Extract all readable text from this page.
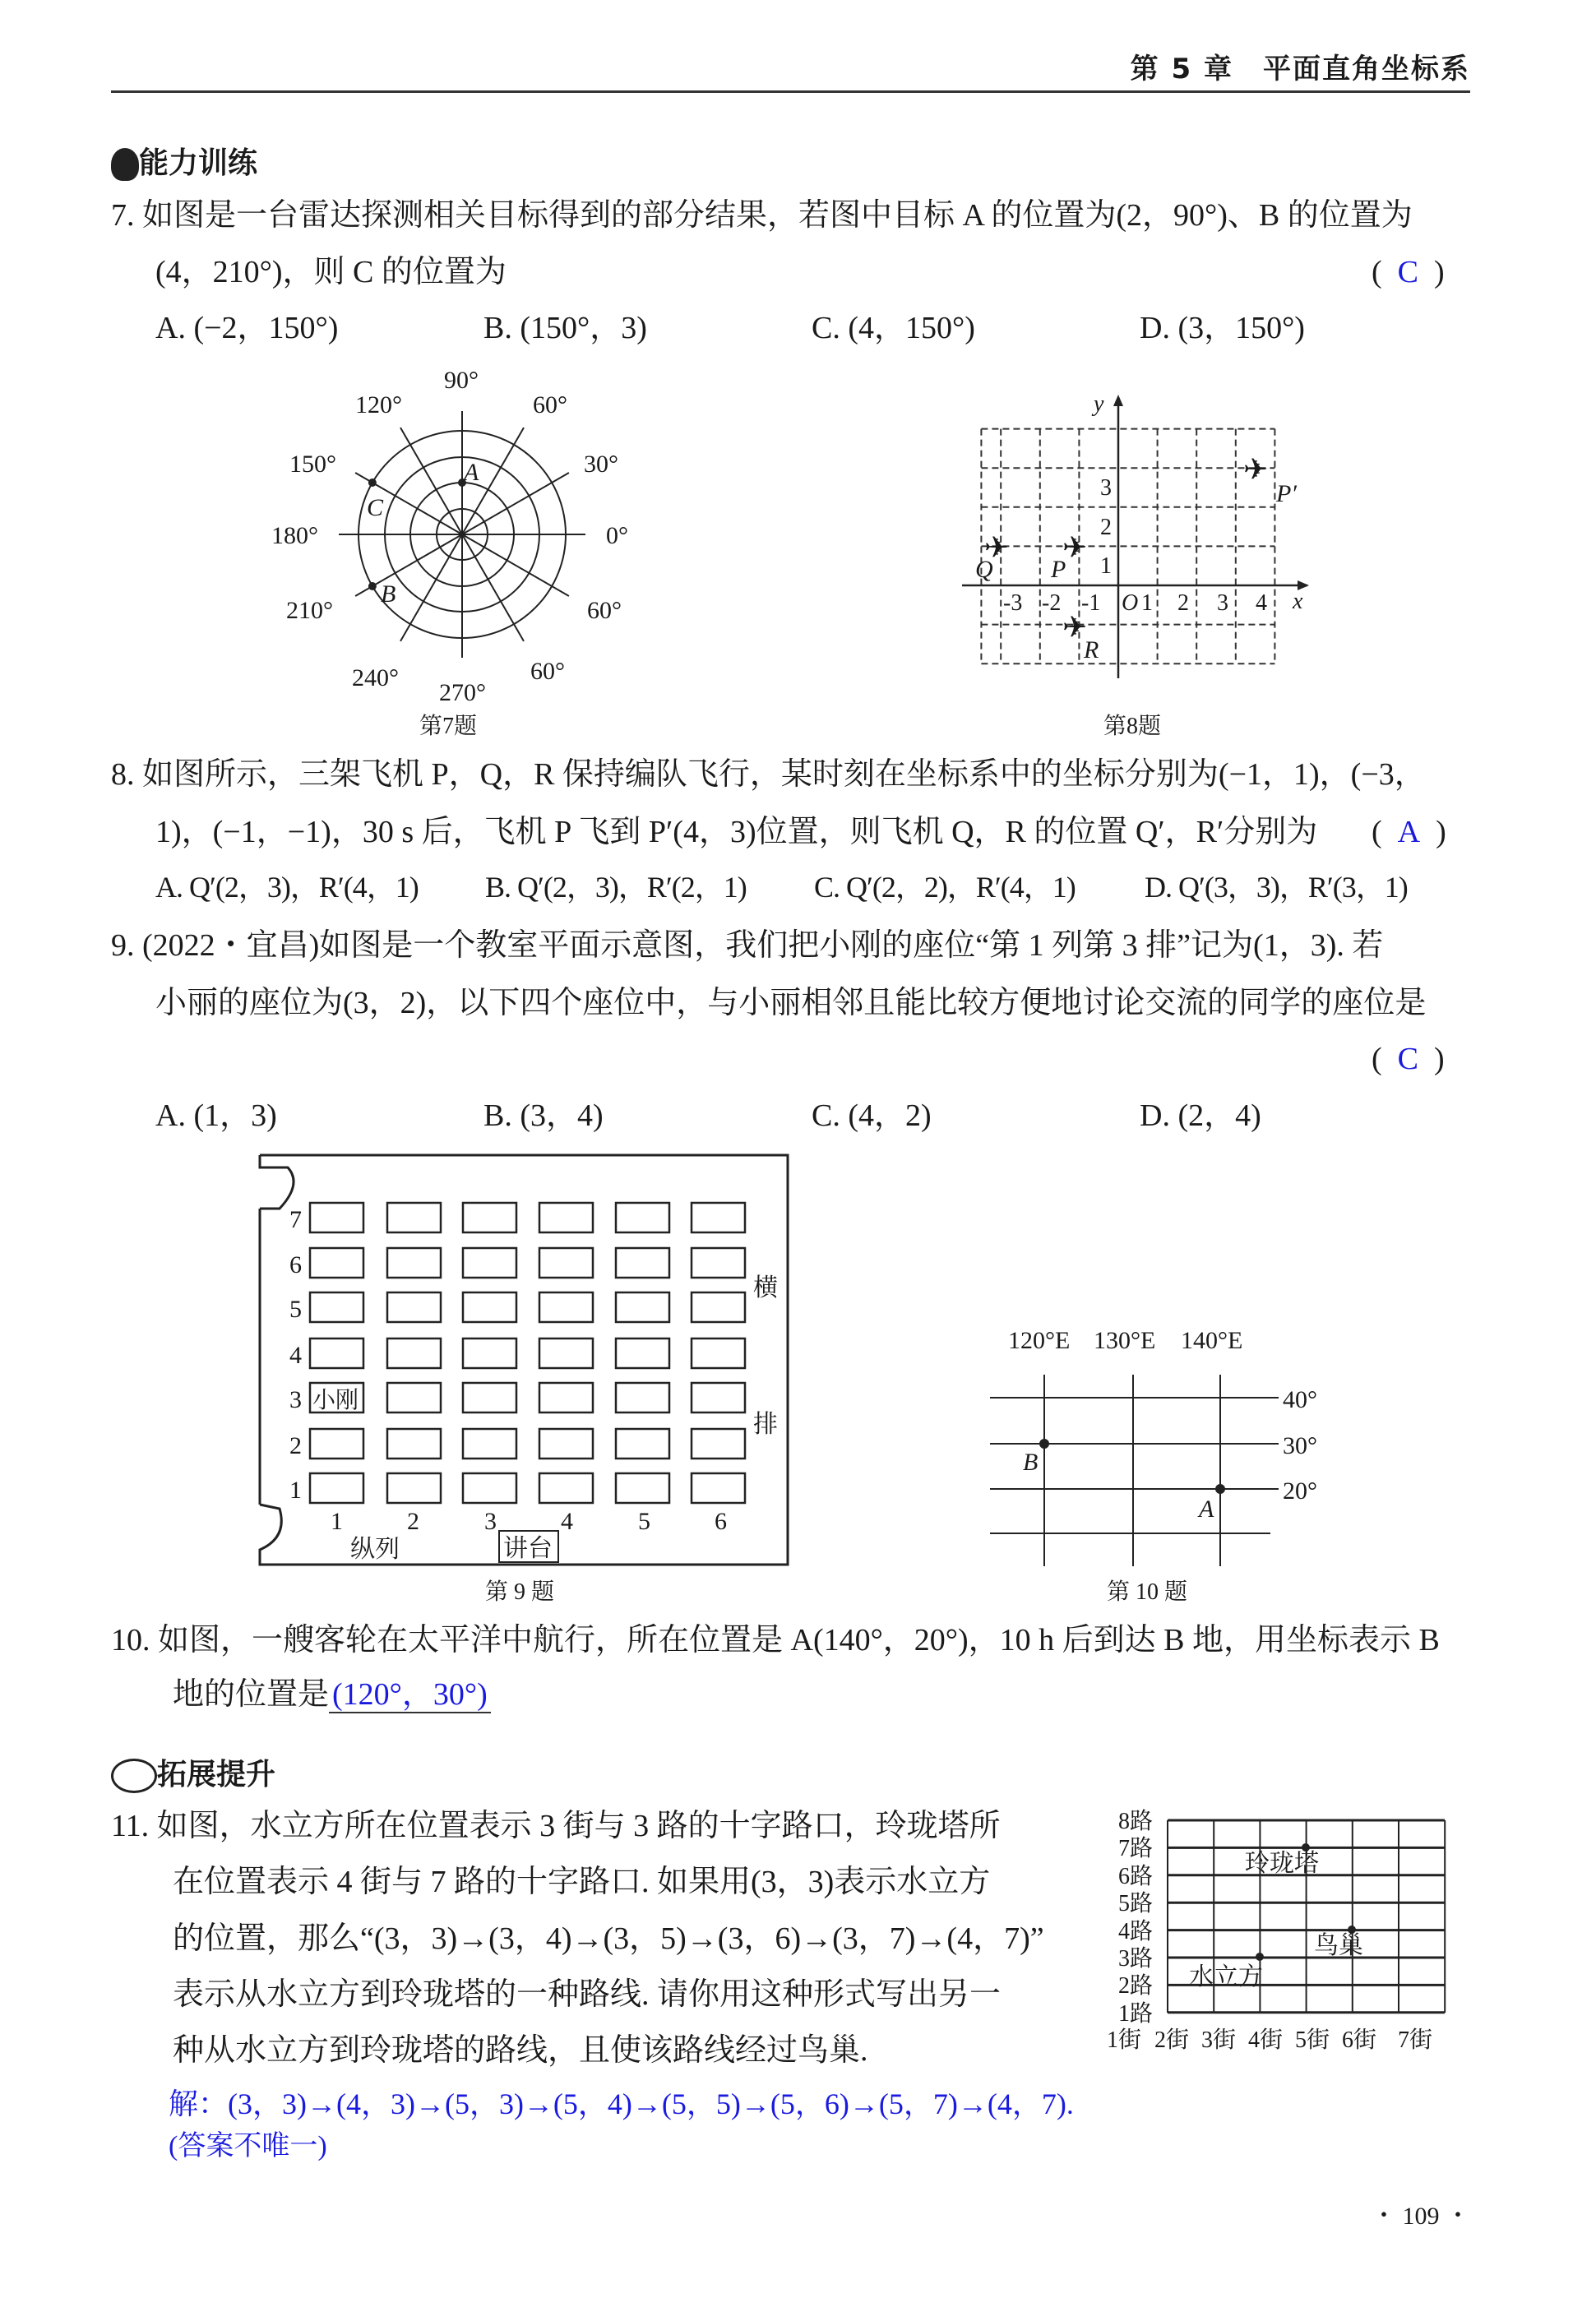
第 5 章　平面直角坐标系
能力训练
7. 如图是一台雷达探测相关目标得到的部分结果，若图中目标 A 的位置为(2，90°)、B 的位置为
(4，210°)，则 C 的位置为	( C )
A. (−2，150°)	B. (150°，3)	C. (4，150°)	D. (3，150°)
8. 如图所示，三架飞机 P，Q，R 保持编队飞行，某时刻在坐标系中的坐标分别为(−1，1)，(−3，
1)，(−1，−1)，30 s 后，飞机 P 飞到 P′(4，3)位置，则飞机 Q，R 的位置 Q′，R′分别为 ( A )
A. Q′(2，3)，R′(4，1) B. Q′(2，3)，R′(2，1) C. Q′(2，2)，R′(4，1) D. Q′(3，3)，R′(3，1)
9. (2022・宜昌)如图是一个教室平面示意图，我们把小刚的座位“第 1 列第 3 排”记为(1，3). 若
小丽的座位为(3，2)，以下四个座位中，与小丽相邻且能比较方便地讨论交流的同学的座位是
( C )
A. (1，3)	B. (3，4)	C. (4，2)	D. (2，4)
10. 如图，一艘客轮在太平洋中航行，所在位置是 A(140°，20°)，10 h 后到达 B 地，用坐标表示 B
地的位置是 (120°，30°)
拓展提升
11. 如图，水立方所在位置表示 3 街与 3 路的十字路口，玲珑塔所
在位置表示 4 街与 7 路的十字路口. 如果用(3，3)表示水立方
的位置，那么“(3，3)→(3，4)→(3，5)→(3，6)→(3，7)→(4，7)”
表示从水立方到玲珑塔的一种路线. 请你用这种形式写出另一
种从水立方到玲珑塔的路线，且使该路线经过鸟巢.
解：(3，3)→(4，3)→(5，3)→(5，4)→(5，5)→(5，6)→(5，7)→(4，7).
(答案不唯一)
・ 109 ・
90°
60°
30°
0°
60°
60°
270°
240°
210°
180°
150°
120°
A
C
B
第7题
-3 -2 -1 O 1 2 3 4
1
2
3
x
y
✈
✈
✈
✈
P
Q
R
P′
第8题
7
6
5
4
3
2
1
1	2	3	4	5	6
小刚
纵列	讲台
横
排
第 9 题
120°E 130°E 140°E
40°
30°
20°
B
A
第 10 题
玲珑塔
鸟巢
水立方
8路
7路
6路
5路
4路
3路
2路
1路
1街 2街 3街 4街 5街 6街 7街
